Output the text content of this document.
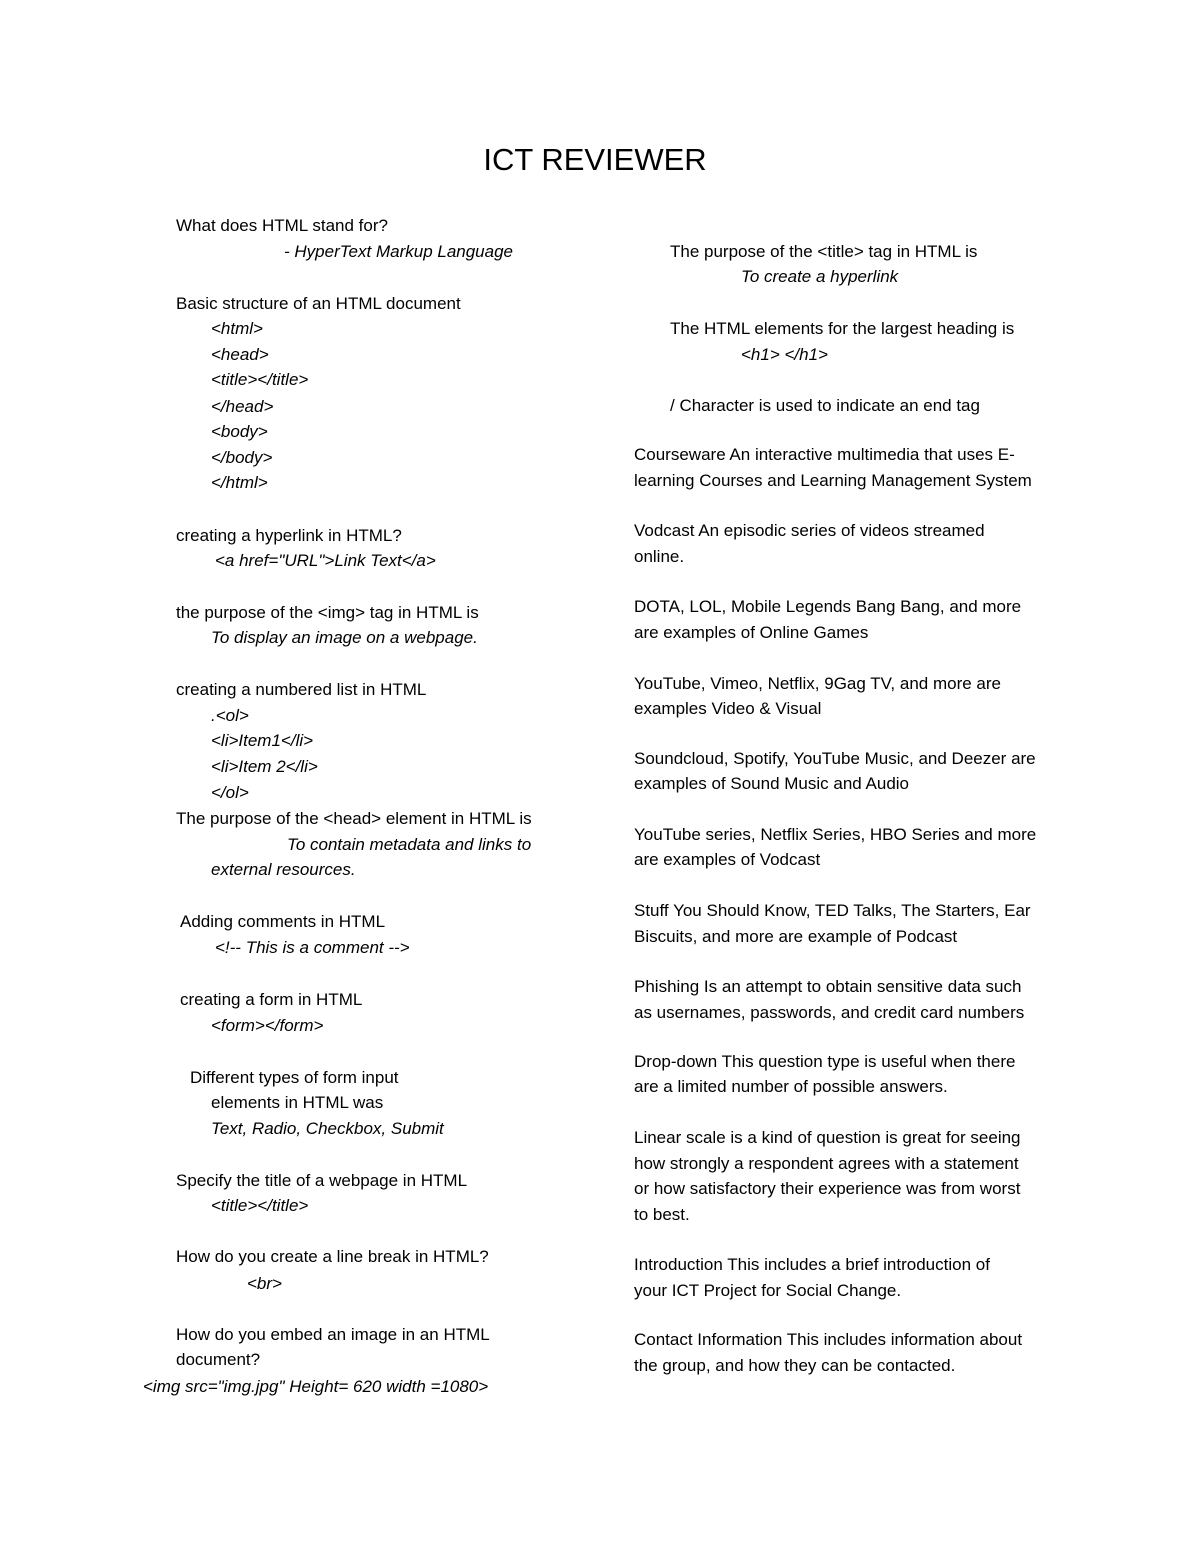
ICT REVIEWER
What does HTML stand for?
- HyperText Markup Language
Basic structure of an HTML document
<html>
<head>
<title></title>
</head>
<body>
</body>
</html>
creating a hyperlink in HTML?
<a href="URL">Link Text</a>
the purpose of the <img> tag in HTML is
To display an image on a webpage.
creating a numbered list in HTML
.<ol>
<li>Item1</li>
<li>Item 2</li>
</ol>
The purpose of the <head> element in HTML is
To contain metadata and links to
external resources.
Adding comments in HTML
<!-- This is a comment -->
creating a form in HTML
<form></form>
Different types of form input
elements in HTML was
Text, Radio, Checkbox, Submit
Specify the title of a webpage in HTML
<title></title>
How do you create a line break in HTML?
<br>
How do you embed an image in an HTML
document?
<img src="img.jpg" Height= 620 width =1080>
The purpose of the <title> tag in HTML is
To create a hyperlink
The HTML elements for the largest heading is
<h1> </h1>
/ Character is used to indicate an end tag
Courseware An interactive multimedia that uses E-
learning Courses and Learning Management System
Vodcast An episodic series of videos streamed
online.
DOTA, LOL, Mobile Legends Bang Bang, and more
are examples of Online Games
YouTube, Vimeo, Netflix, 9Gag TV, and more are
examples Video & Visual
Soundcloud, Spotify, YouTube Music, and Deezer are
examples of Sound Music and Audio
YouTube series, Netflix Series, HBO Series and more
are examples of Vodcast
Stuff You Should Know, TED Talks, The Starters, Ear
Biscuits, and more are example of Podcast
Phishing Is an attempt to obtain sensitive data such
as usernames, passwords, and credit card numbers
Drop-down This question type is useful when there
are a limited number of possible answers.
Linear scale is a kind of question is great for seeing
how strongly a respondent agrees with a statement
or how satisfactory their experience was from worst
to best.
Introduction This includes a brief introduction of
your ICT Project for Social Change.
Contact Information This includes information about
the group, and how they can be contacted.
